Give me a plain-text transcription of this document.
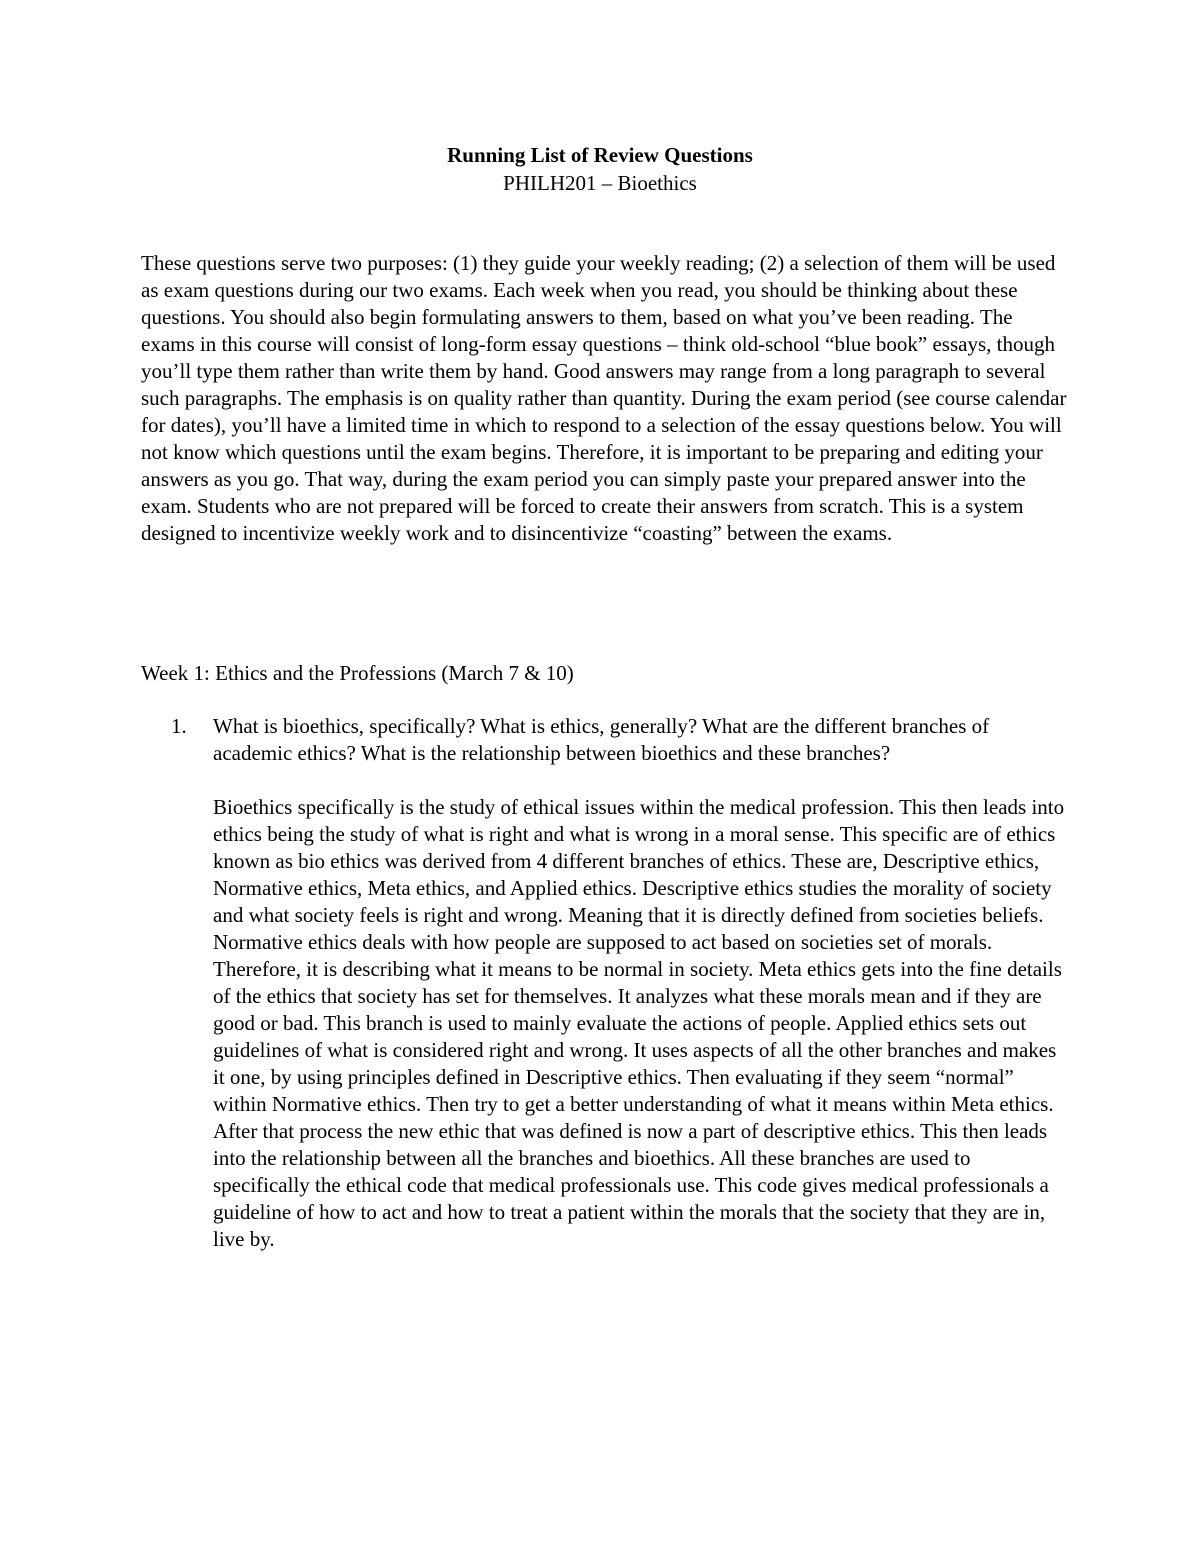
Running List of Review Questions

PHILH201 – Bioethics

These questions serve two purposes: (1) they guide your weekly reading; (2) a selection of them will be used as exam questions during our two exams. Each week when you read, you should be thinking about these questions. You should also begin formulating answers to them, based on what you’ve been reading. The exams in this course will consist of long-form essay questions – think old-school “blue book” essays, though you’ll type them rather than write them by hand. Good answers may range from a long paragraph to several such paragraphs. The emphasis is on quality rather than quantity. During the exam period (see course calendar for dates), you’ll have a limited time in which to respond to a selection of the essay questions below. You will not know which questions until the exam begins. Therefore, it is important to be preparing and editing your answers as you go. That way, during the exam period you can simply paste your prepared answer into the exam. Students who are not prepared will be forced to create their answers from scratch. This is a system designed to incentivize weekly work and to disincentivize “coasting” between the exams.

Week 1: Ethics and the Professions (March 7 & 10)

1. What is bioethics, specifically? What is ethics, generally? What are the different branches of academic ethics? What is the relationship between bioethics and these branches?

Bioethics specifically is the study of ethical issues within the medical profession. This then leads into ethics being the study of what is right and what is wrong in a moral sense. This specific are of ethics known as bio ethics was derived from 4 different branches of ethics. These are, Descriptive ethics, Normative ethics, Meta ethics, and Applied ethics. Descriptive ethics studies the morality of society and what society feels is right and wrong. Meaning that it is directly defined from societies beliefs. Normative ethics deals with how people are supposed to act based on societies set of morals. Therefore, it is describing what it means to be normal in society. Meta ethics gets into the fine details of the ethics that society has set for themselves. It analyzes what these morals mean and if they are good or bad. This branch is used to mainly evaluate the actions of people. Applied ethics sets out guidelines of what is considered right and wrong. It uses aspects of all the other branches and makes it one, by using principles defined in Descriptive ethics. Then evaluating if they seem “normal” within Normative ethics. Then try to get a better understanding of what it means within Meta ethics. After that process the new ethic that was defined is now a part of descriptive ethics. This then leads into the relationship between all the branches and bioethics. All these branches are used to specifically the ethical code that medical professionals use. This code gives medical professionals a guideline of how to act and how to treat a patient within the morals that the society that they are in, live by.
